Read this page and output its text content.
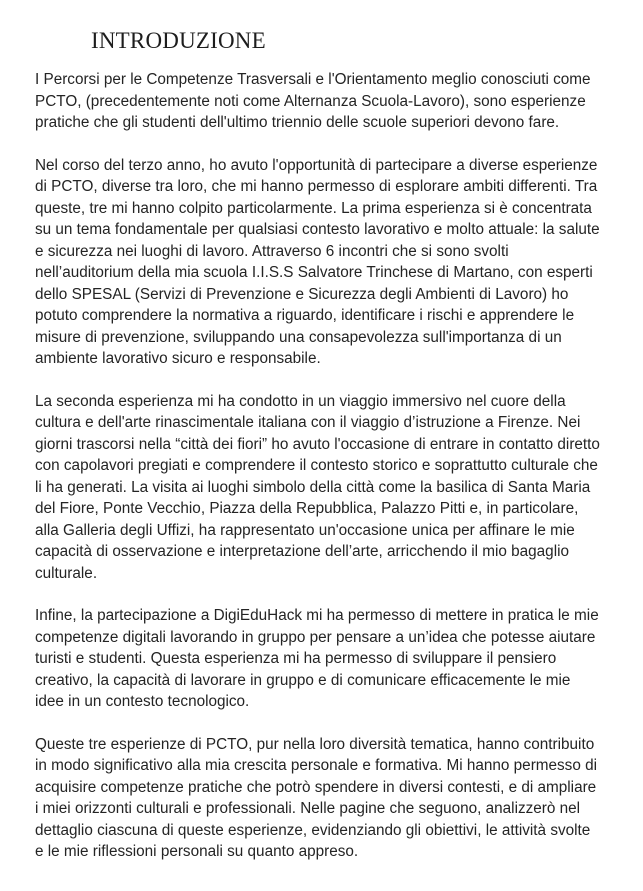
INTRODUZIONE

I Percorsi per le Competenze Trasversali e l'Orientamento meglio conosciuti come
PCTO, (precedentemente noti come Alternanza Scuola-Lavoro), sono esperienze
pratiche che gli studenti dell'ultimo triennio delle scuole superiori devono fare.

Nel corso del terzo anno, ho avuto l'opportunità di partecipare a diverse esperienze
di PCTO, diverse tra loro, che mi hanno permesso di esplorare ambiti differenti. Tra
queste, tre mi hanno colpito particolarmente. La prima esperienza si è concentrata
su un tema fondamentale per qualsiasi contesto lavorativo e molto attuale: la salute
e sicurezza nei luoghi di lavoro. Attraverso 6 incontri che si sono svolti
nell’auditorium della mia scuola I.I.S.S Salvatore Trinchese di Martano, con esperti
dello SPESAL (Servizi di Prevenzione e Sicurezza degli Ambienti di Lavoro) ho
potuto comprendere la normativa a riguardo, identificare i rischi e apprendere le
misure di prevenzione, sviluppando una consapevolezza sull'importanza di un
ambiente lavorativo sicuro e responsabile.

La seconda esperienza mi ha condotto in un viaggio immersivo nel cuore della
cultura e dell'arte rinascimentale italiana con il viaggio d’istruzione a Firenze. Nei
giorni trascorsi nella “città dei fiori” ho avuto l'occasione di entrare in contatto diretto
con capolavori pregiati e comprendere il contesto storico e soprattutto culturale che
li ha generati. La visita ai luoghi simbolo della città come la basilica di Santa Maria
del Fiore, Ponte Vecchio, Piazza della Repubblica, Palazzo Pitti e, in particolare,
alla Galleria degli Uffizi, ha rappresentato un'occasione unica per affinare le mie
capacità di osservazione e interpretazione dell’arte, arricchendo il mio bagaglio
culturale.

Infine, la partecipazione a DigiEduHack mi ha permesso di mettere in pratica le mie
competenze digitali lavorando in gruppo per pensare a un’idea che potesse aiutare
turisti e studenti. Questa esperienza mi ha permesso di sviluppare il pensiero
creativo, la capacità di lavorare in gruppo e di comunicare efficacemente le mie
idee in un contesto tecnologico.

Queste tre esperienze di PCTO, pur nella loro diversità tematica, hanno contribuito
in modo significativo alla mia crescita personale e formativa. Mi hanno permesso di
acquisire competenze pratiche che potrò spendere in diversi contesti, e di ampliare
i miei orizzonti culturali e professionali. Nelle pagine che seguono, analizzerò nel
dettaglio ciascuna di queste esperienze, evidenziando gli obiettivi, le attività svolte
e le mie riflessioni personali su quanto appreso.
